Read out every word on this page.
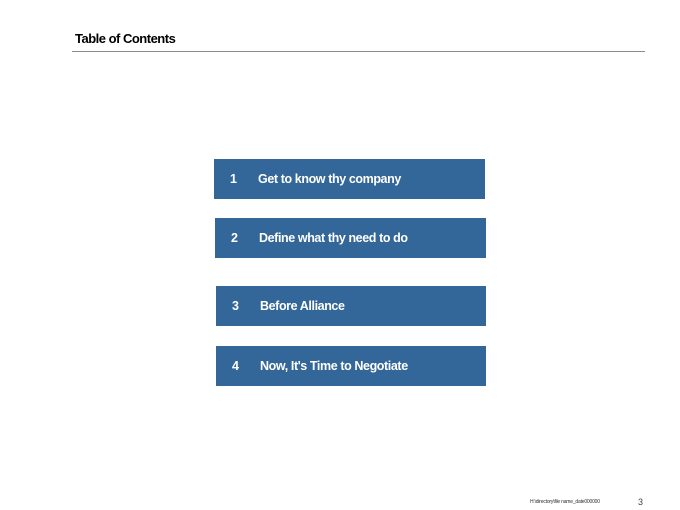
Table of Contents
1 Get to know thy company
2 Define what thy need to do
3 Before Alliance
4 Now, It's Time to Negotiate
H:\directory\file name_date000000	3
